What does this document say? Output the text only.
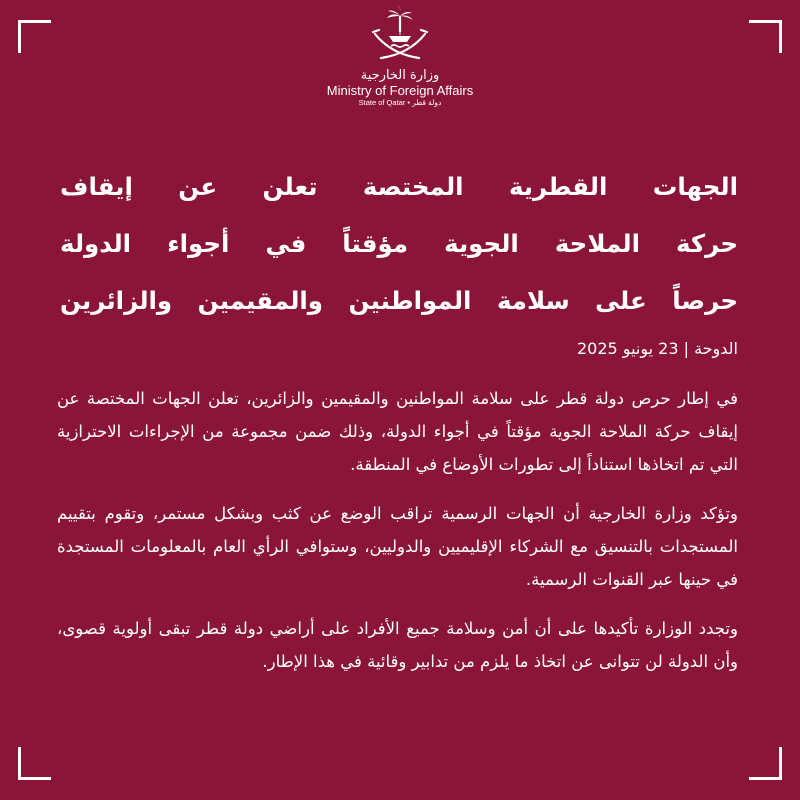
وزارة الخارجية
Ministry of Foreign Affairs
State of Qatar • دولة قطر
الجهات القطرية المختصة تعلن عن إيقاف
حركة الملاحة الجوية مؤقتاً في أجواء الدولة
حرصاً على سلامة المواطنين والمقيمين والزائرين
الدوحة | 23 يونيو 2025

في إطار حرص دولة قطر على سلامة المواطنين والمقيمين والزائرين، تعلن الجهات المختصة عن إيقاف حركة الملاحة الجوية مؤقتاً في أجواء الدولة، وذلك ضمن مجموعة من الإجراءات الاحترازية التي تم اتخاذها استناداً إلى تطورات الأوضاع في المنطقة.

وتؤكد وزارة الخارجية أن الجهات الرسمية تراقب الوضع عن كثب وبشكل مستمر، وتقوم بتقييم المستجدات بالتنسيق مع الشركاء الإقليميين والدوليين، وستوافي الرأي العام بالمعلومات المستجدة في حينها عبر القنوات الرسمية.

وتجدد الوزارة تأكيدها على أن أمن وسلامة جميع الأفراد على أراضي دولة قطر تبقى أولوية قصوى، وأن الدولة لن تتوانى عن اتخاذ ما يلزم من تدابير وقائية في هذا الإطار.
